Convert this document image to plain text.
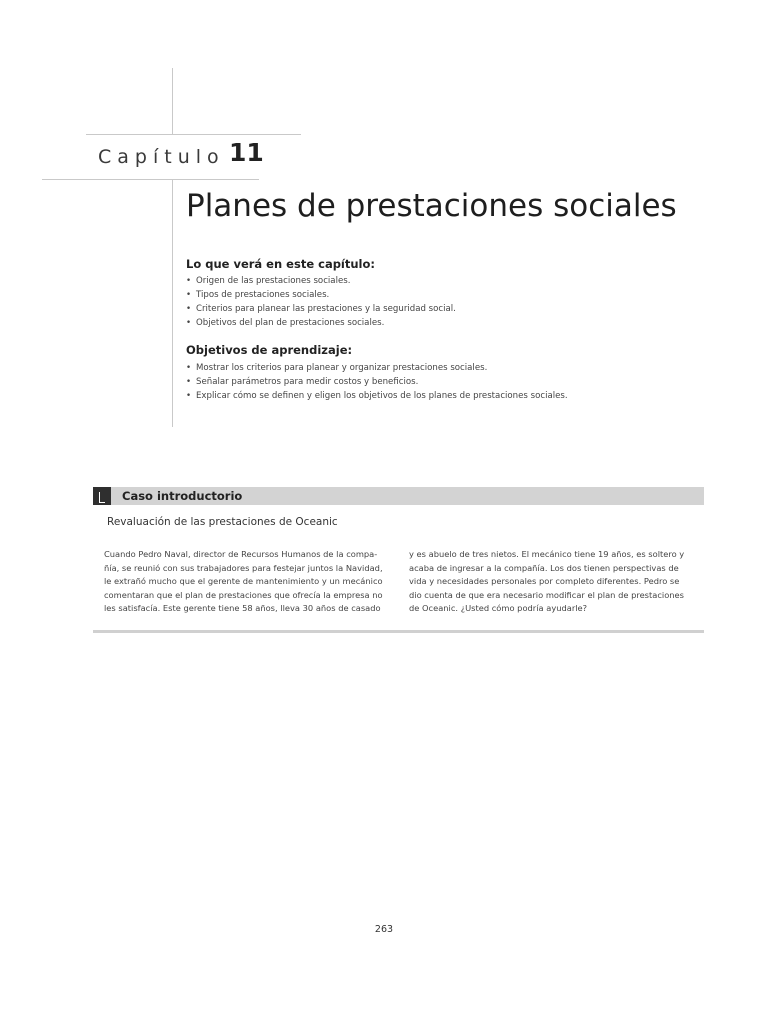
Capítulo 11
Planes de prestaciones sociales
Lo que verá en este capítulo:
• Origen de las prestaciones sociales.
• Tipos de prestaciones sociales.
• Criterios para planear las prestaciones y la seguridad social.
• Objetivos del plan de prestaciones sociales.
Objetivos de aprendizaje:
• Mostrar los criterios para planear y organizar prestaciones sociales.
• Señalar parámetros para medir costos y beneficios.
• Explicar cómo se definen y eligen los objetivos de los planes de prestaciones sociales.
Caso introductorio
Revaluación de las prestaciones de Oceanic
Cuando Pedro Naval, director de Recursos Humanos de la compa-
ñía, se reunió con sus trabajadores para festejar juntos la Navidad,
le extrañó mucho que el gerente de mantenimiento y un mecánico
comentaran que el plan de prestaciones que ofrecía la empresa no
les satisfacía. Este gerente tiene 58 años, lleva 30 años de casado
y es abuelo de tres nietos. El mecánico tiene 19 años, es soltero y
acaba de ingresar a la compañía. Los dos tienen perspectivas de
vida y necesidades personales por completo diferentes. Pedro se
dio cuenta de que era necesario modificar el plan de prestaciones
de Oceanic. ¿Usted cómo podría ayudarle?
263
